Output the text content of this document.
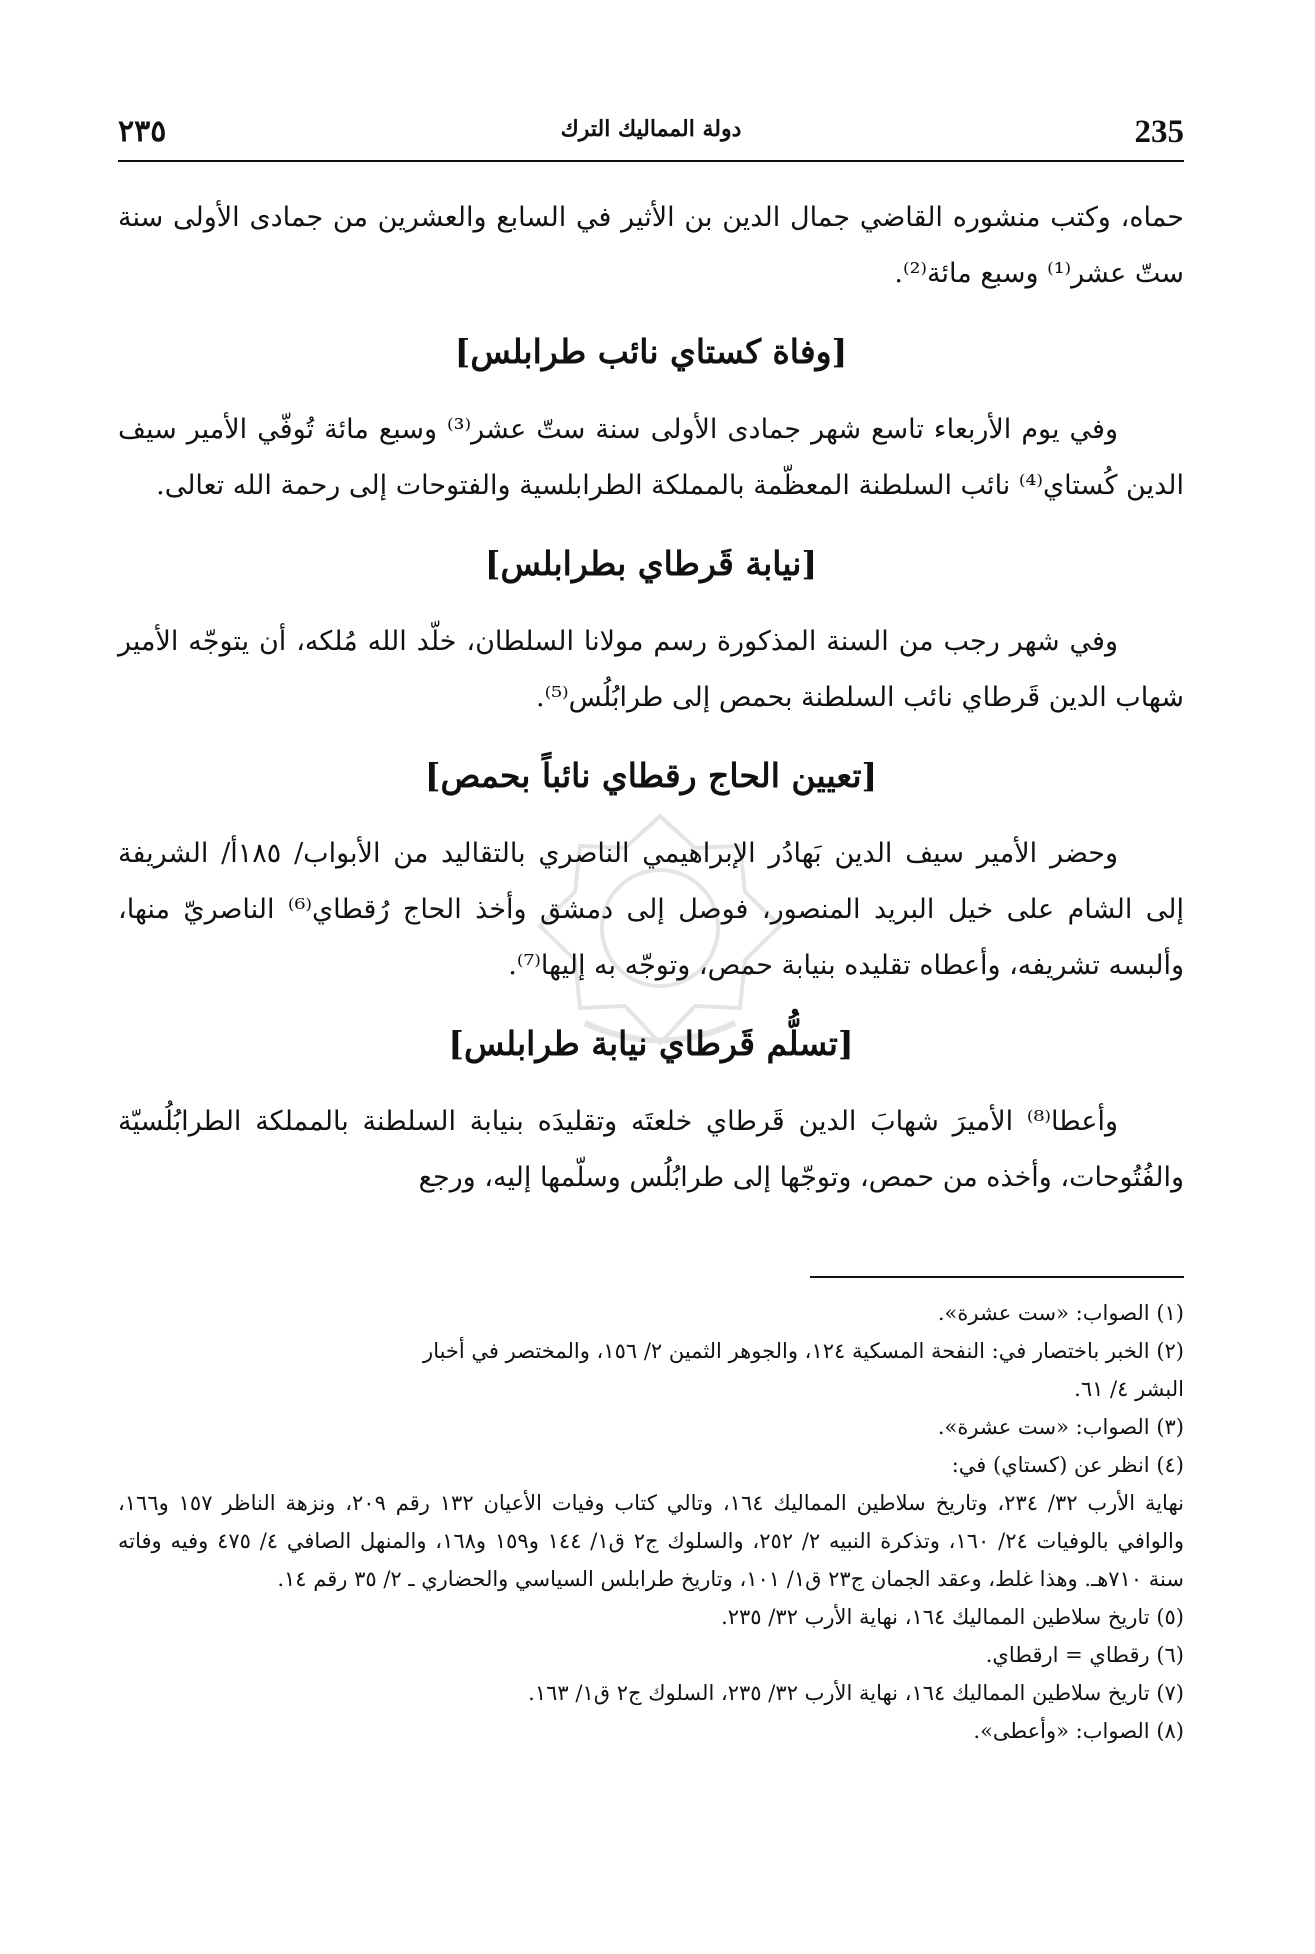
٢٣٥	دولة المماليك الترك	235

حماه، وكتب منشوره القاضي جمال الدين بن الأثير في السابع والعشرين من جمادى الأولى سنة ستّ عشر⁽¹⁾ وسبع مائة⁽²⁾.

[وفاة كستاي نائب طرابلس]

وفي يوم الأربعاء تاسع شهر جمادى الأولى سنة ستّ عشر⁽³⁾ وسبع مائة تُوفّي الأمير سيف الدين كُستاي⁽⁴⁾ نائب السلطنة المعظّمة بالمملكة الطرابلسية والفتوحات إلى رحمة الله تعالى.

[نيابة قَرطاي بطرابلس]

وفي شهر رجب من السنة المذكورة رسم مولانا السلطان، خلّد الله مُلكه، أن يتوجّه الأمير شهاب الدين قَرطاي نائب السلطنة بحمص إلى طرابُلُس⁽⁵⁾.

[تعيين الحاج رقطاي نائباً بحمص]

وحضر الأمير سيف الدين بَهادُر الإبراهيمي الناصري بالتقاليد من الأبواب/ ١٨٥أ/ الشريفة إلى الشام على خيل البريد المنصور، فوصل إلى دمشق وأخذ الحاج رُقطاي⁽⁶⁾ الناصريّ منها، وألبسه تشريفه، وأعطاه تقليده بنيابة حمص، وتوجّه به إليها⁽⁷⁾.

[تسلُّم قَرطاي نيابة طرابلس]

وأعطا⁽⁸⁾ الأميرَ شهابَ الدين قَرطاي خلعتَه وتقليدَه بنيابة السلطنة بالمملكة الطرابُلُسيّة والفُتُوحات، وأخذه من حمص، وتوجّها إلى طرابُلُس وسلّمها إليه، ورجع

(١) الصواب: «ست عشرة».

(٢) الخبر باختصار في: النفحة المسكية ١٢٤، والجوهر الثمين ٢/ ١٥٦، والمختصر في أخبار

البشر ٤/ ٦١.

(٣) الصواب: «ست عشرة».

(٤) انظر عن (كستاي) في:

نهاية الأرب ٣٢/ ٢٣٤، وتاريخ سلاطين المماليك ١٦٤، وتالي كتاب وفيات الأعيان ١٣٢ رقم ٢٠٩، ونزهة الناظر ١٥٧ و١٦٦، والوافي بالوفيات ٢٤/ ١٦٠، وتذكرة النبيه ٢/ ٢٥٢، والسلوك ج٢ ق١/ ١٤٤ و١٥٩ و١٦٨، والمنهل الصافي ٤/ ٤٧٥ وفيه وفاته سنة ٧١٠هـ. وهذا غلط، وعقد الجمان ج٢٣ ق١/ ١٠١، وتاريخ طرابلس السياسي والحضاري ـ ٢/ ٣٥ رقم ١٤.

(٥) تاريخ سلاطين المماليك ١٦٤، نهاية الأرب ٣٢/ ٢٣٥.

(٦) رقطاي = ارقطاي.

(٧) تاريخ سلاطين المماليك ١٦٤، نهاية الأرب ٣٢/ ٢٣٥، السلوك ج٢ ق١/ ١٦٣.

(٨) الصواب: «وأعطى».
